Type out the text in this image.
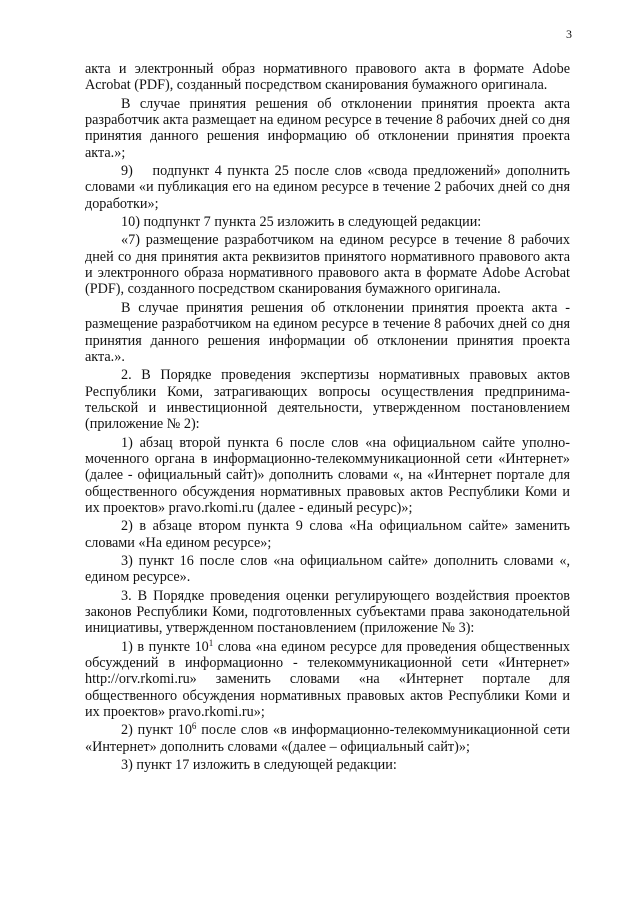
3

акта и электронный образ нормативного правового акта в формате Adobe Acrobat (PDF), созданный посредством сканирования бумажного оригинала.

В случае принятия решения об отклонении принятия проекта акта разработчик акта размещает на едином ресурсе в течение 8 рабочих дней со дня принятия данного решения информацию об отклонении принятия проекта акта.»;

9)  подпункт 4 пункта 25 после слов «свода предложений» дополнить словами «и публикация его на едином ресурсе в течение 2 рабочих дней со дня доработки»;

10) подпункт 7 пункта 25 изложить в следующей редакции:

«7) размещение разработчиком на едином ресурсе в течение 8 рабочих дней со дня принятия акта реквизитов принятого нормативного правового акта и электронного образа нормативного правового акта в формате Adobe Acrobat (PDF), созданного посредством сканирования бумажного оригинала.

В случае принятия решения об отклонении принятия проекта акта - размещение разработчиком на едином ресурсе в течение 8 рабочих дней со дня принятия данного решения информации об отклонении принятия проекта акта.».

2. В Порядке проведения экспертизы нормативных правовых актов Республики Коми, затрагивающих вопросы осуществления предпринимательской и инвестиционной деятельности, утвержденном постановлением (приложение № 2):

1) абзац второй пункта 6 после слов «на официальном сайте уполномоченного органа в информационно-телекоммуникационной сети «Интернет» (далее - официальный сайт)» дополнить словами «, на «Интернет портале для общественного обсуждения нормативных правовых актов Республики Коми и их проектов» pravo.rkomi.ru (далее - единый ресурс)»;

2) в абзаце втором пункта 9 слова «На официальном сайте» заменить словами «На едином ресурсе»;

3) пункт 16 после слов «на официальном сайте» дополнить словами «, едином ресурсе».

3. В Порядке проведения оценки регулирующего воздействия проектов законов Республики Коми, подготовленных субъектами права законодательной инициативы, утвержденном постановлением (приложение № 3):

1) в пункте $10^1$ слова «на едином ресурсе для проведения общественных обсуждений в информационно - телекоммуникационной сети «Интернет» http://orv.rkomi.ru» заменить словами «на «Интернет портале для общественного обсуждения нормативных правовых актов Республики Коми и их проектов» pravo.rkomi.ru»;

2) пункт $10^6$ после слов «в информационно-телекоммуникационной сети «Интернет» дополнить словами «(далее – официальный сайт)»;

3) пункт 17 изложить в следующей редакции:
